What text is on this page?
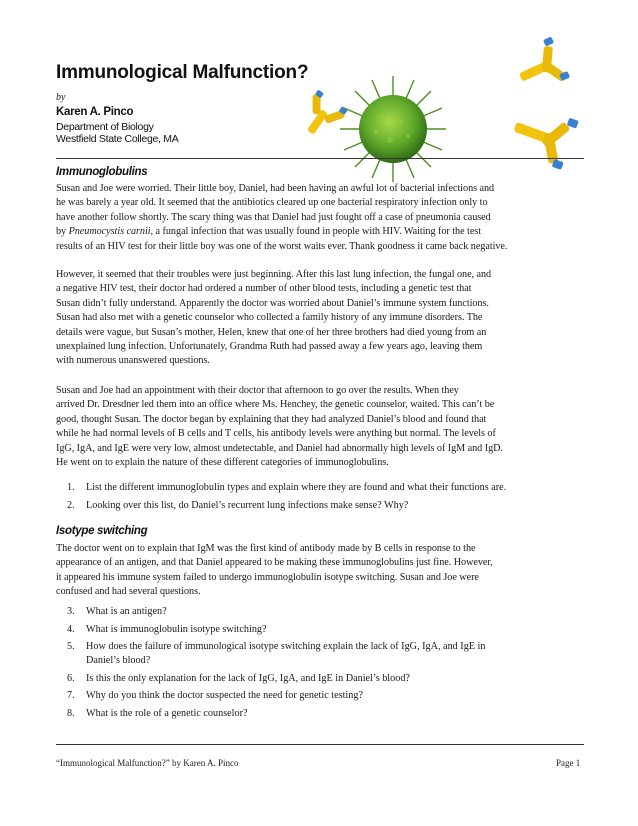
Immunological Malfunction?
by
Karen A. Pinco
Department of Biology
Westfield State College, MA
Immunoglobulins
Susan and Joe were worried. Their little boy, Daniel, had been having an awful lot of bacterial infections and
he was barely a year old. It seemed that the antibiotics cleared up one bacterial respiratory infection only to
have another follow shortly. The scary thing was that Daniel had just fought off a case of pneumonia caused
by Pneumocystis carnii, a fungal infection that was usually found in people with HIV. Waiting for the test
results of an HIV test for their little boy was one of the worst waits ever. Thank goodness it came back negative.
However, it seemed that their troubles were just beginning. After this last lung infection, the fungal one, and
a negative HIV test, their doctor had ordered a number of other blood tests, including a genetic test that
Susan didn’t fully understand. Apparently the doctor was worried about Daniel’s immune system functions.
Susan had also met with a genetic counselor who collected a family history of any immune disorders. The
details were vague, but Susan’s mother, Helen, knew that one of her three brothers had died young from an
unexplained lung infection. Unfortunately, Grandma Ruth had passed away a few years ago, leaving them
with numerous unanswered questions.
Susan and Joe had an appointment with their doctor that afternoon to go over the results. When they
arrived Dr. Dresdner led them into an office where Ms. Henchey, the genetic counselor, waited. This can’t be
good, thought Susan. The doctor began by explaining that they had analyzed Daniel’s blood and found that
while he had normal levels of B cells and T cells, his antibody levels were anything but normal. The levels of
IgG, IgA, and IgE were very low, almost undetectable, and Daniel had abnormally high levels of IgM and IgD.
He went on to explain the nature of these different categories of immunoglobulins.
1. List the different immunoglobulin types and explain where they are found and what their functions are.
2. Looking over this list, do Daniel’s recurrent lung infections make sense? Why?
Isotype switching
The doctor went on to explain that IgM was the first kind of antibody made by B cells in response to the
appearance of an antigen, and that Daniel appeared to be making these immunoglobulins just fine. However,
it appeared his immune system failed to undergo immunoglobulin isotype switching. Susan and Joe were
confused and had several questions.
3. What is an antigen?
4. What is immunoglobulin isotype switching?
5. How does the failure of immunological isotype switching explain the lack of IgG, IgA, and IgE in Daniel’s blood?
6. Is this the only explanation for the lack of IgG, IgA, and IgE in Daniel’s blood?
7. Why do you think the doctor suspected the need for genetic testing?
8. What is the role of a genetic counselor?
“Immunological Malfunction?” by Karen A. Pinco	Page 1
